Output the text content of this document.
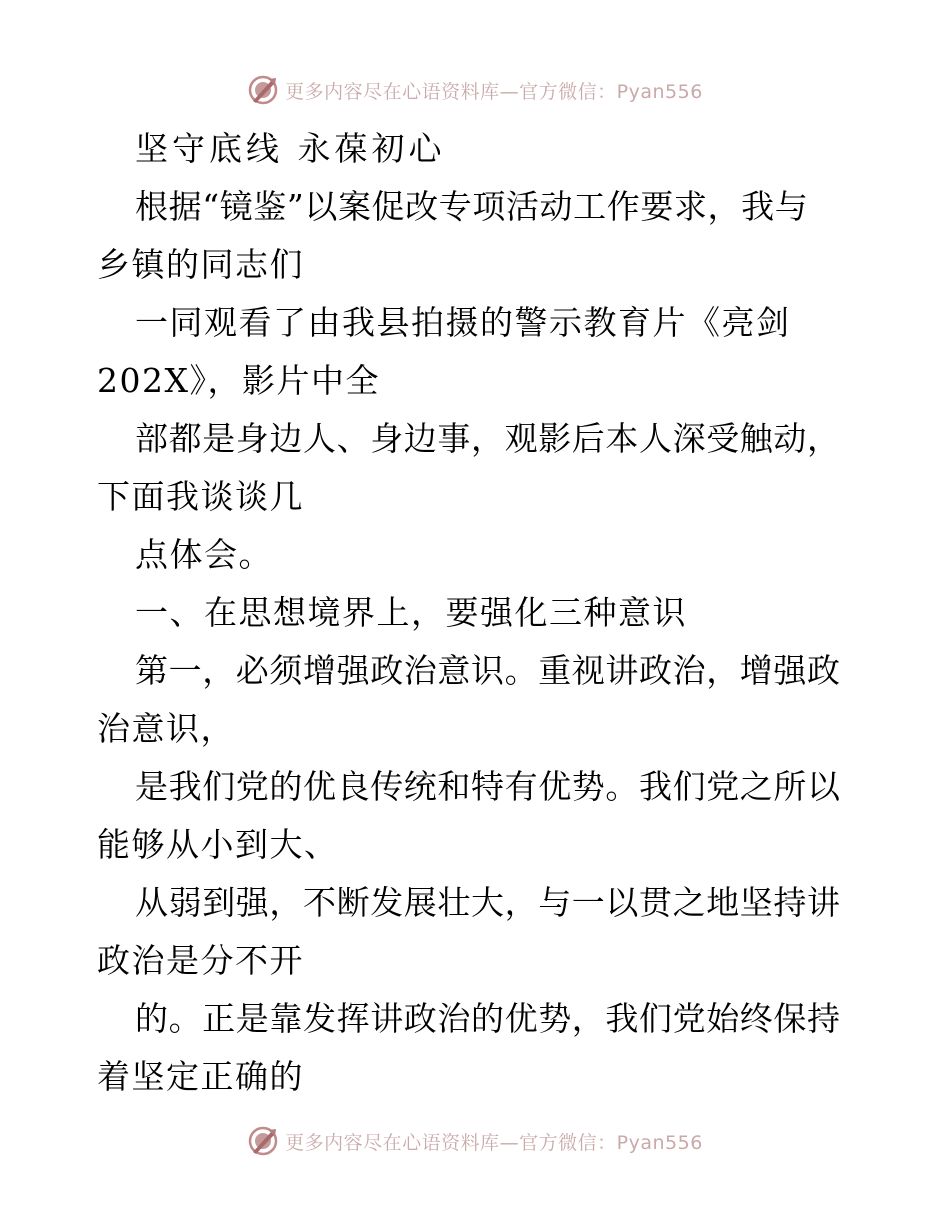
更多内容尽在心语资料库—官方微信：Pyan556
坚守底线 永葆初心
根据“镜鉴”以案促改专项活动工作要求，我与
乡镇的同志们
一同观看了由我县拍摄的警示教育片《亮剑
202X》，影片中全
部都是身边人、身边事，观影后本人深受触动，
下面我谈谈几
点体会。
一、在思想境界上，要强化三种意识
第一，必须增强政治意识。重视讲政治，增强政
治意识，
是我们党的优良传统和特有优势。我们党之所以
能够从小到大、
从弱到强，不断发展壮大，与一以贯之地坚持讲
政治是分不开
的。正是靠发挥讲政治的优势，我们党始终保持
着坚定正确的
更多内容尽在心语资料库—官方微信：Pyan556
